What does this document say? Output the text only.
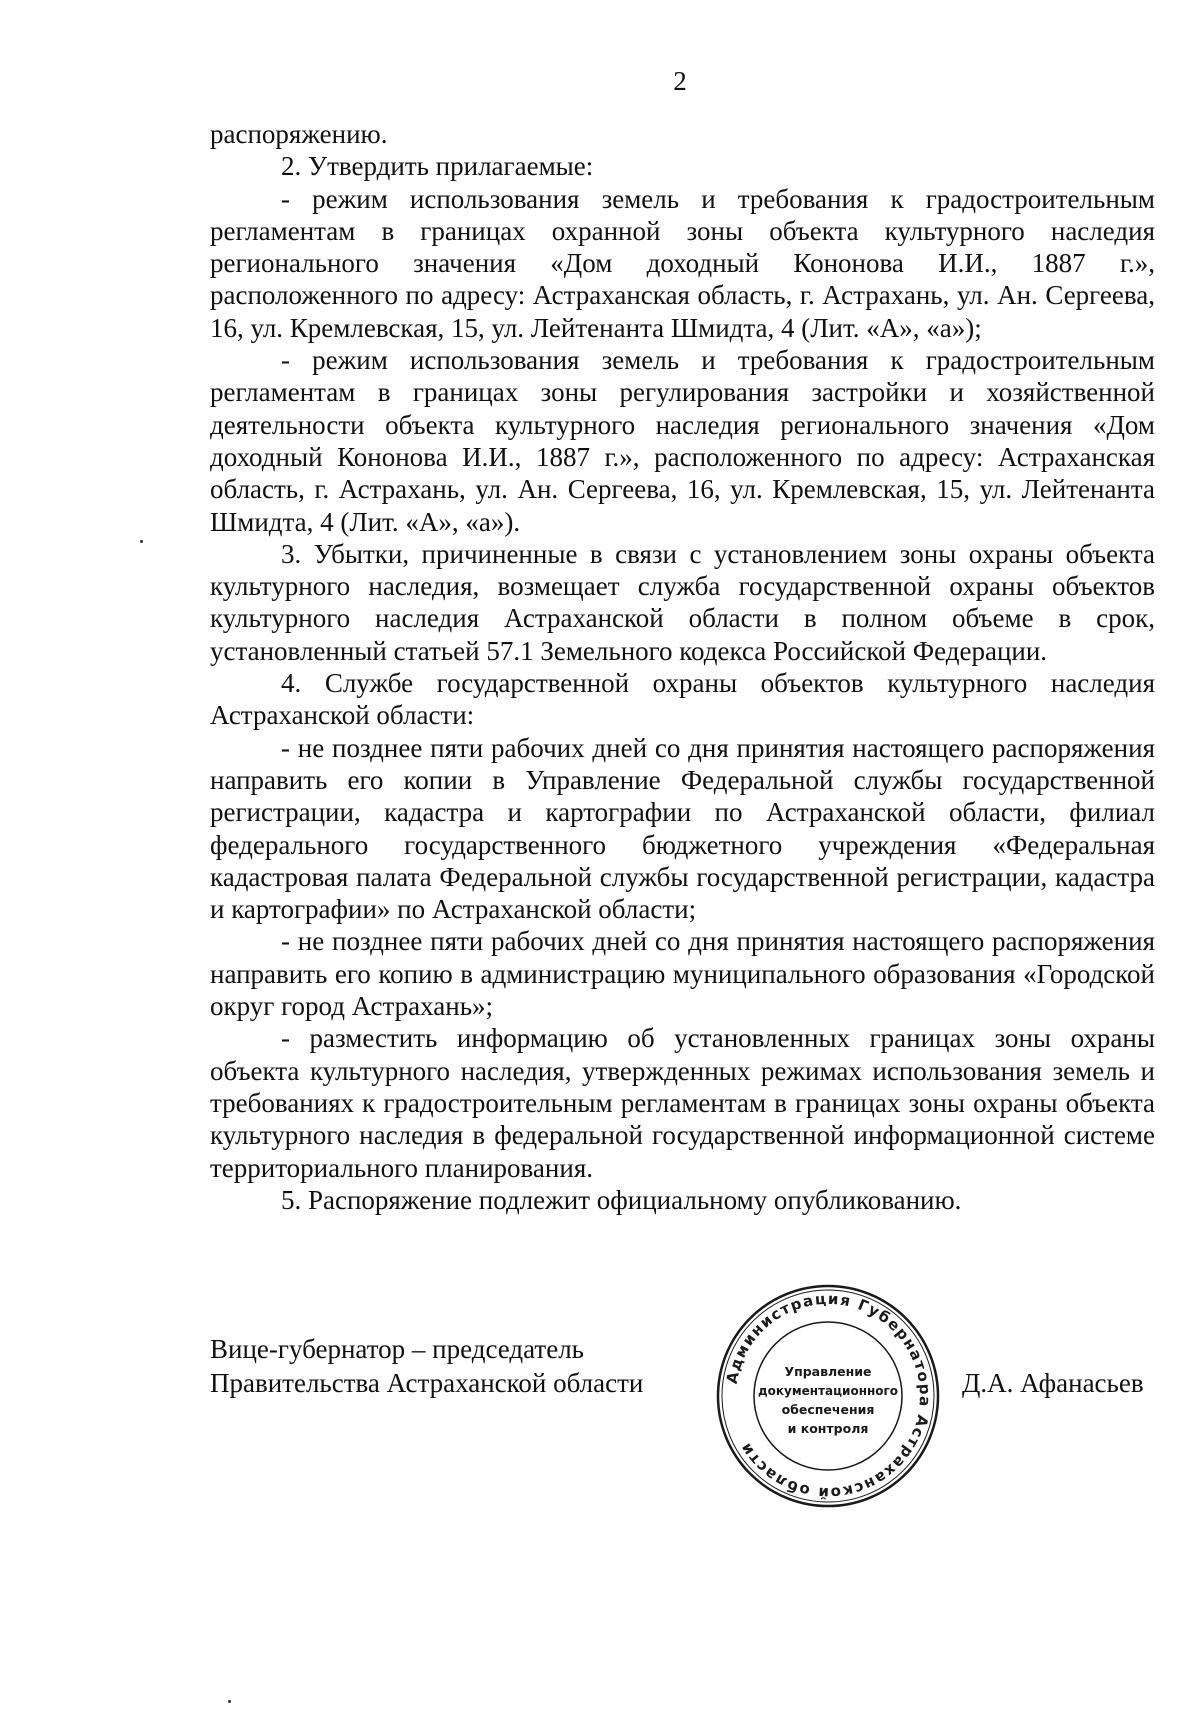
2

распоряжению.

2. Утвердить прилагаемые:

- режим использования земель и требования к градостроительным регламентам в границах охранной зоны объекта культурного наследия регионального значения «Дом доходный Кононова И.И., 1887 г.», расположенного по адресу: Астраханская область, г. Астрахань, ул. Ан. Сергеева, 16, ул. Кремлевская, 15, ул. Лейтенанта Шмидта, 4 (Лит. «А», «а»);

- режим использования земель и требования к градостроительным регламентам в границах зоны регулирования застройки и хозяйственной деятельности объекта культурного наследия регионального значения «Дом доходный Кононова И.И., 1887 г.», расположенного по адресу: Астраханская область, г. Астрахань, ул. Ан. Сергеева, 16, ул. Кремлевская, 15, ул. Лейтенанта Шмидта, 4 (Лит. «А», «а»).

3. Убытки, причиненные в связи с установлением зоны охраны объекта культурного наследия, возмещает служба государственной охраны объектов культурного наследия Астраханской области в полном объеме в срок, установленный статьей 57.1 Земельного кодекса Российской Федерации.

4. Службе государственной охраны объектов культурного наследия Астраханской области:

- не позднее пяти рабочих дней со дня принятия настоящего распоряжения направить его копии в Управление Федеральной службы государственной регистрации, кадастра и картографии по Астраханской области, филиал федерального государственного бюджетного учреждения «Федеральная кадастровая палата Федеральной службы государственной регистрации, кадастра и картографии» по Астраханской области;

- не позднее пяти рабочих дней со дня принятия настоящего распоряжения направить его копию в администрацию муниципального образования «Городской округ город Астрахань»;

- разместить информацию об установленных границах зоны охраны объекта культурного наследия, утвержденных режимах использования земель и требованиях к градостроительным регламентам в границах зоны охраны объекта культурного наследия в федеральной государственной информационной системе территориального планирования.

5. Распоряжение подлежит официальному опубликованию.

Вице-губернатор – председатель
Правительства Астраханской области	Администрация Губернатора Астраханской области
Управление
документационного
обеспечения
и контроля
Д.А. Афанасьев
